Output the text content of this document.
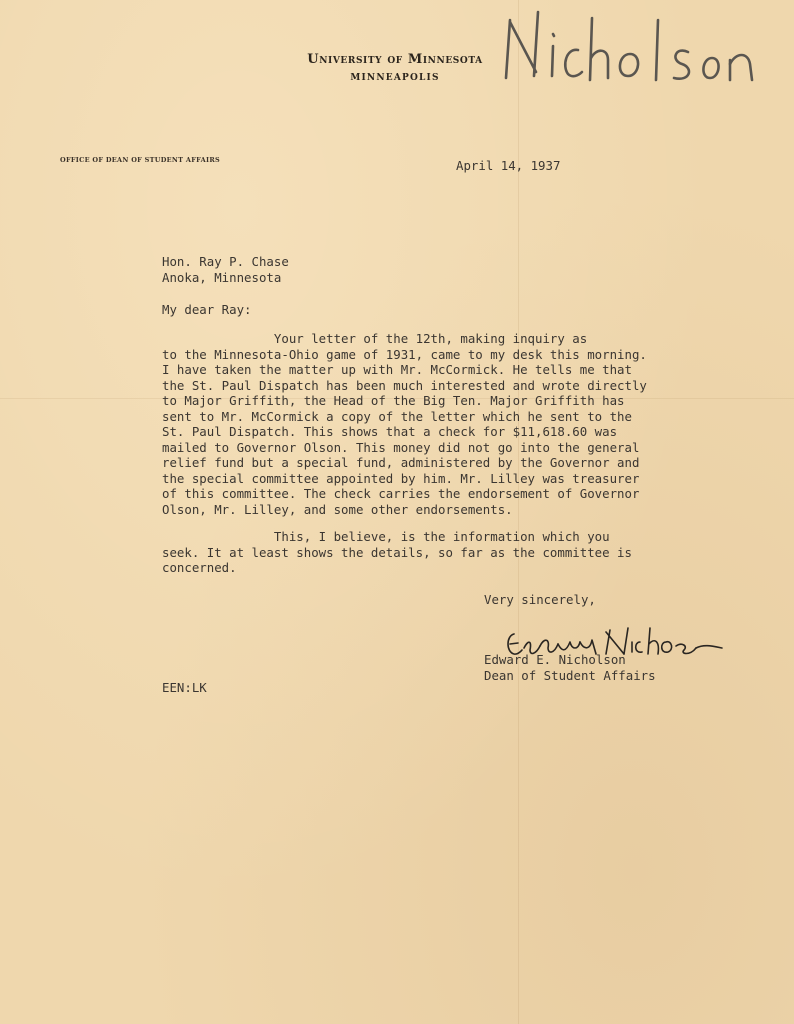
University of Minnesota
MINNEAPOLIS
OFFICE OF DEAN OF STUDENT AFFAIRS	April 14, 1937
Hon. Ray P. Chase
Anoka, Minnesota
My dear Ray:
Your letter of the 12th, making inquiry as
to the Minnesota-Ohio game of 1931, came to my desk this morning.
I have taken the matter up with Mr. McCormick. He tells me that
the St. Paul Dispatch has been much interested and wrote directly
to Major Griffith, the Head of the Big Ten. Major Griffith has
sent to Mr. McCormick a copy of the letter which he sent to the
St. Paul Dispatch. This shows that a check for $11,618.60 was
mailed to Governor Olson. This money did not go into the general
relief fund but a special fund, administered by the Governor and
the special committee appointed by him. Mr. Lilley was treasurer
of this committee. The check carries the endorsement of Governor
Olson, Mr. Lilley, and some other endorsements.
This, I believe, is the information which you
seek. It at least shows the details, so far as the committee is
concerned.
Very sincerely,
Edward E. Nicholson
Dean of Student Affairs
EEN:LK
